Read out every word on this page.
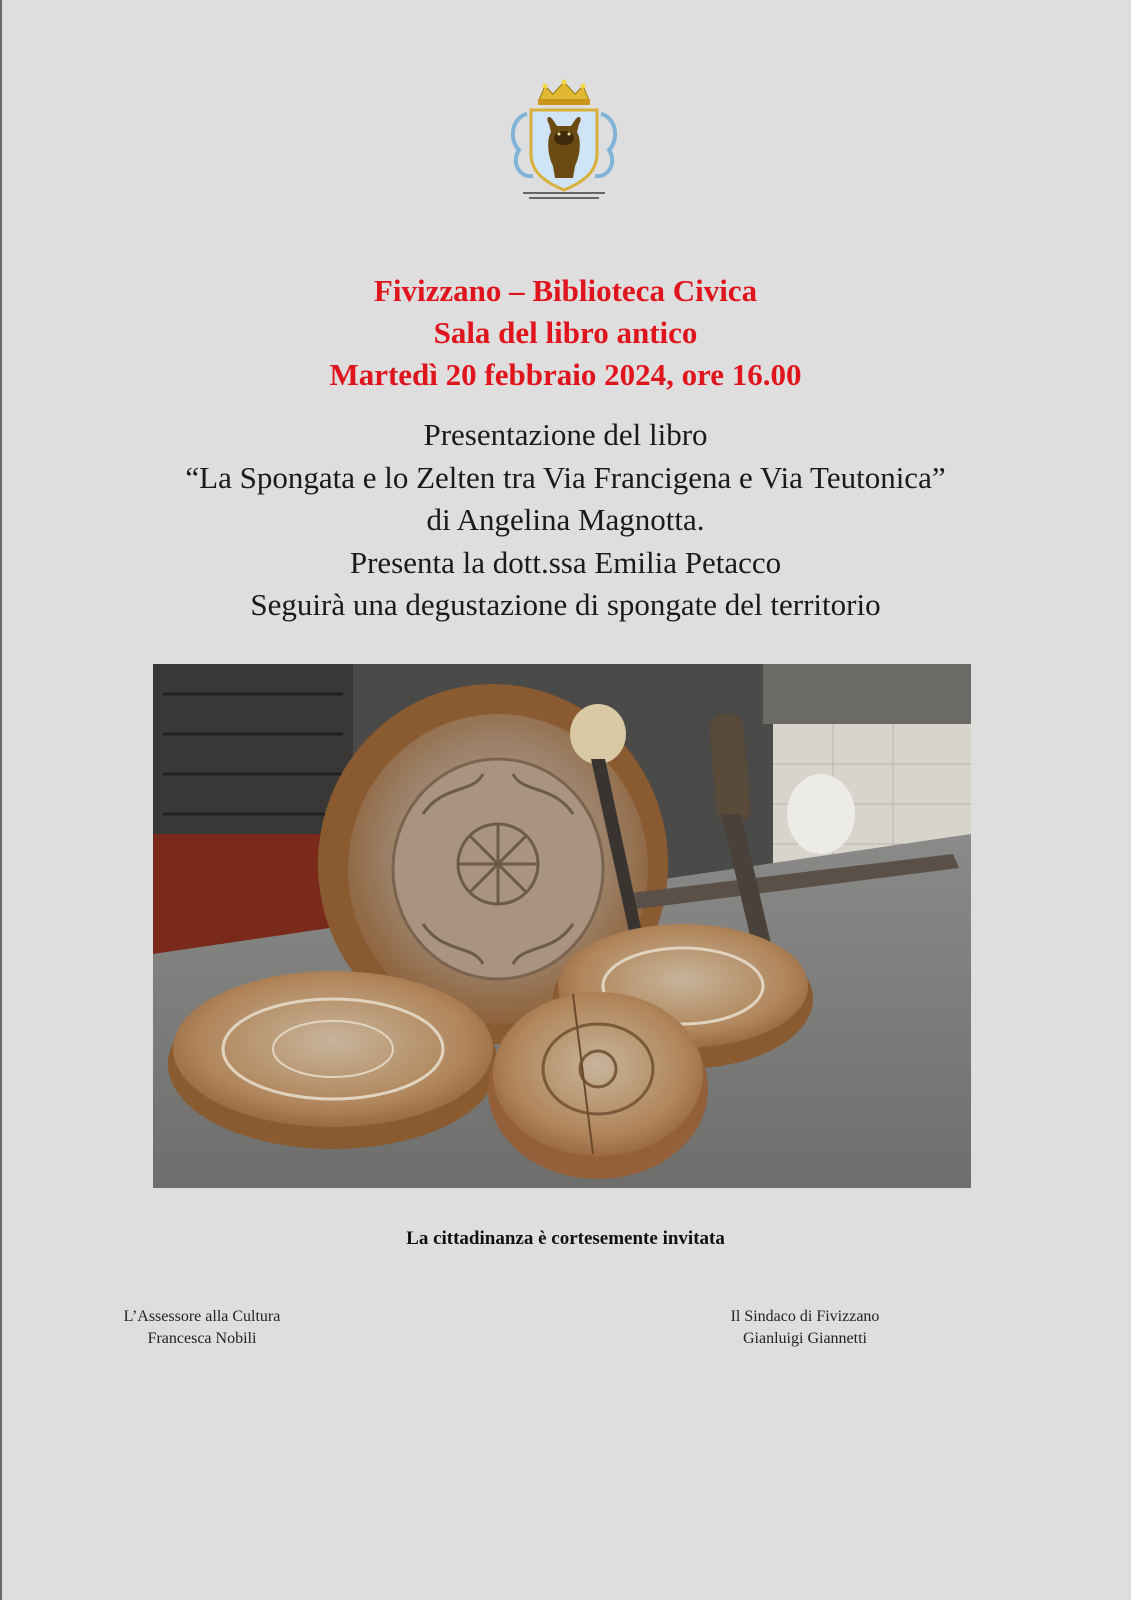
Fivizzano – Biblioteca Civica
Sala del libro antico
Martedì 20 febbraio 2024, ore 16.00
Presentazione del libro
“La Spongata e lo Zelten tra Via Francigena e Via Teutonica”
di Angelina Magnotta.
Presenta la dott.ssa Emilia Petacco
Seguirà una degustazione di spongate del territorio
La cittadinanza è cortesemente invitata
L’Assessore alla Cultura
Francesca Nobili
Il Sindaco di Fivizzano
Gianluigi Giannetti
